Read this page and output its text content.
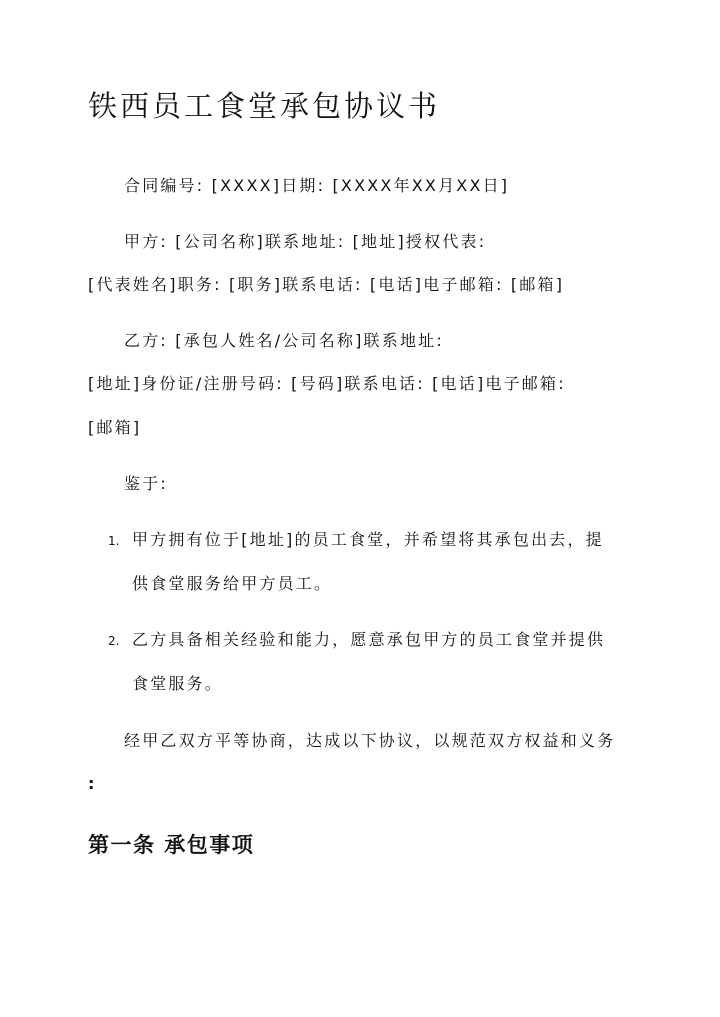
铁西员工食堂承包协议书

合同编号: [XXXX]日期: [XXXX年XX月XX日]

甲方: [公司名称]联系地址: [地址]授权代表:

[代表姓名]职务: [职务]联系电话: [电话]电子邮箱: [邮箱]

乙方: [承包人姓名/公司名称]联系地址:

[地址]身份证/注册号码: [号码]联系电话: [电话]电子邮箱:

[邮箱]

鉴于:

1. 甲方拥有位于[地址]的员工食堂，并希望将其承包出去，提
供食堂服务给甲方员工。
2. 乙方具备相关经验和能力，愿意承包甲方的员工食堂并提供
食堂服务。

经甲乙双方平等协商，达成以下协议，以规范双方权益和义务

:

第一条 承包事项
